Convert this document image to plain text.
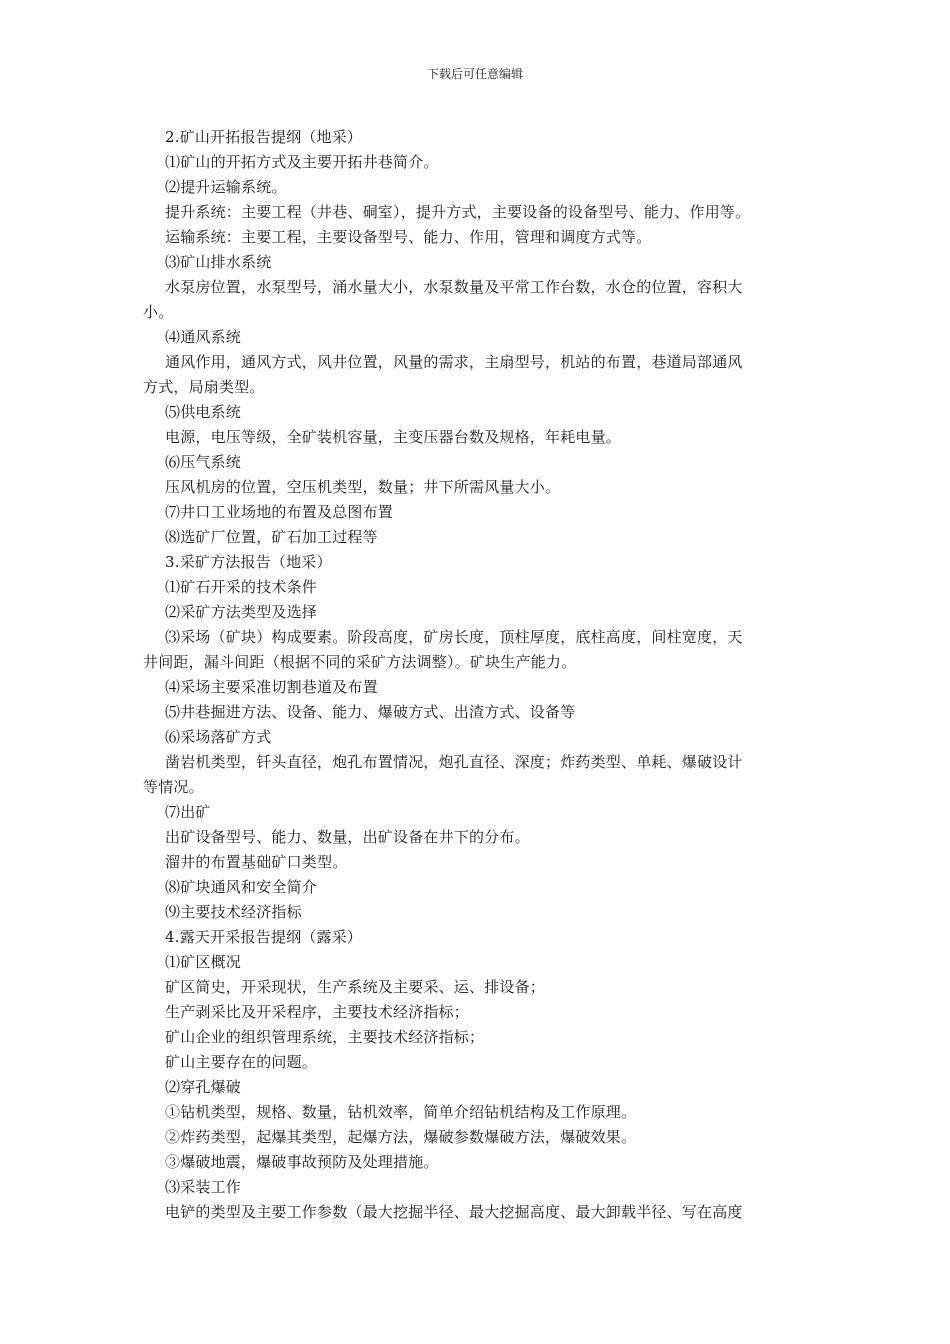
下载后可任意编辑
2.矿山开拓报告提纲（地采）
⑴矿山的开拓方式及主要开拓井巷简介。
⑵提升运输系统。
提升系统：主要工程（井巷、硐室），提升方式，主要设备的设备型号、能力、作用等。
运输系统：主要工程，主要设备型号、能力、作用，管理和调度方式等。
⑶矿山排水系统
水泵房位置，水泵型号，涌水量大小，水泵数量及平常工作台数，水仓的位置，容积大
小。
⑷通风系统
通风作用，通风方式，风井位置，风量的需求，主扇型号，机站的布置，巷道局部通风
方式，局扇类型。
⑸供电系统
电源，电压等级，全矿装机容量，主变压器台数及规格，年耗电量。
⑹压气系统
压风机房的位置，空压机类型，数量；井下所需风量大小。
⑺井口工业场地的布置及总图布置
⑻选矿厂位置，矿石加工过程等
3.采矿方法报告（地采）
⑴矿石开采的技术条件
⑵采矿方法类型及选择
⑶采场（矿块）构成要素。阶段高度，矿房长度，顶柱厚度，底柱高度，间柱宽度，天
井间距，漏斗间距（根据不同的采矿方法调整）。矿块生产能力。
⑷采场主要采准切割巷道及布置
⑸井巷掘进方法、设备、能力、爆破方式、出渣方式、设备等
⑹采场落矿方式
凿岩机类型，钎头直径，炮孔布置情况，炮孔直径、深度；炸药类型、单耗、爆破设计
等情况。
⑺出矿
出矿设备型号、能力、数量，出矿设备在井下的分布。
溜井的布置基础矿口类型。
⑻矿块通风和安全简介
⑼主要技术经济指标
4.露天开采报告提纲（露采）
⑴矿区概况
矿区简史，开采现状，生产系统及主要采、运、排设备；
生产剥采比及开采程序，主要技术经济指标；
矿山企业的组织管理系统，主要技术经济指标；
矿山主要存在的问题。
⑵穿孔爆破
①钻机类型，规格、数量，钻机效率，简单介绍钻机结构及工作原理。
②炸药类型，起爆其类型，起爆方法，爆破参数爆破方法，爆破效果。
③爆破地震，爆破事故预防及处理措施。
⑶采装工作
电铲的类型及主要工作参数（最大挖掘半径、最大挖掘高度、最大卸载半径、写在高度
